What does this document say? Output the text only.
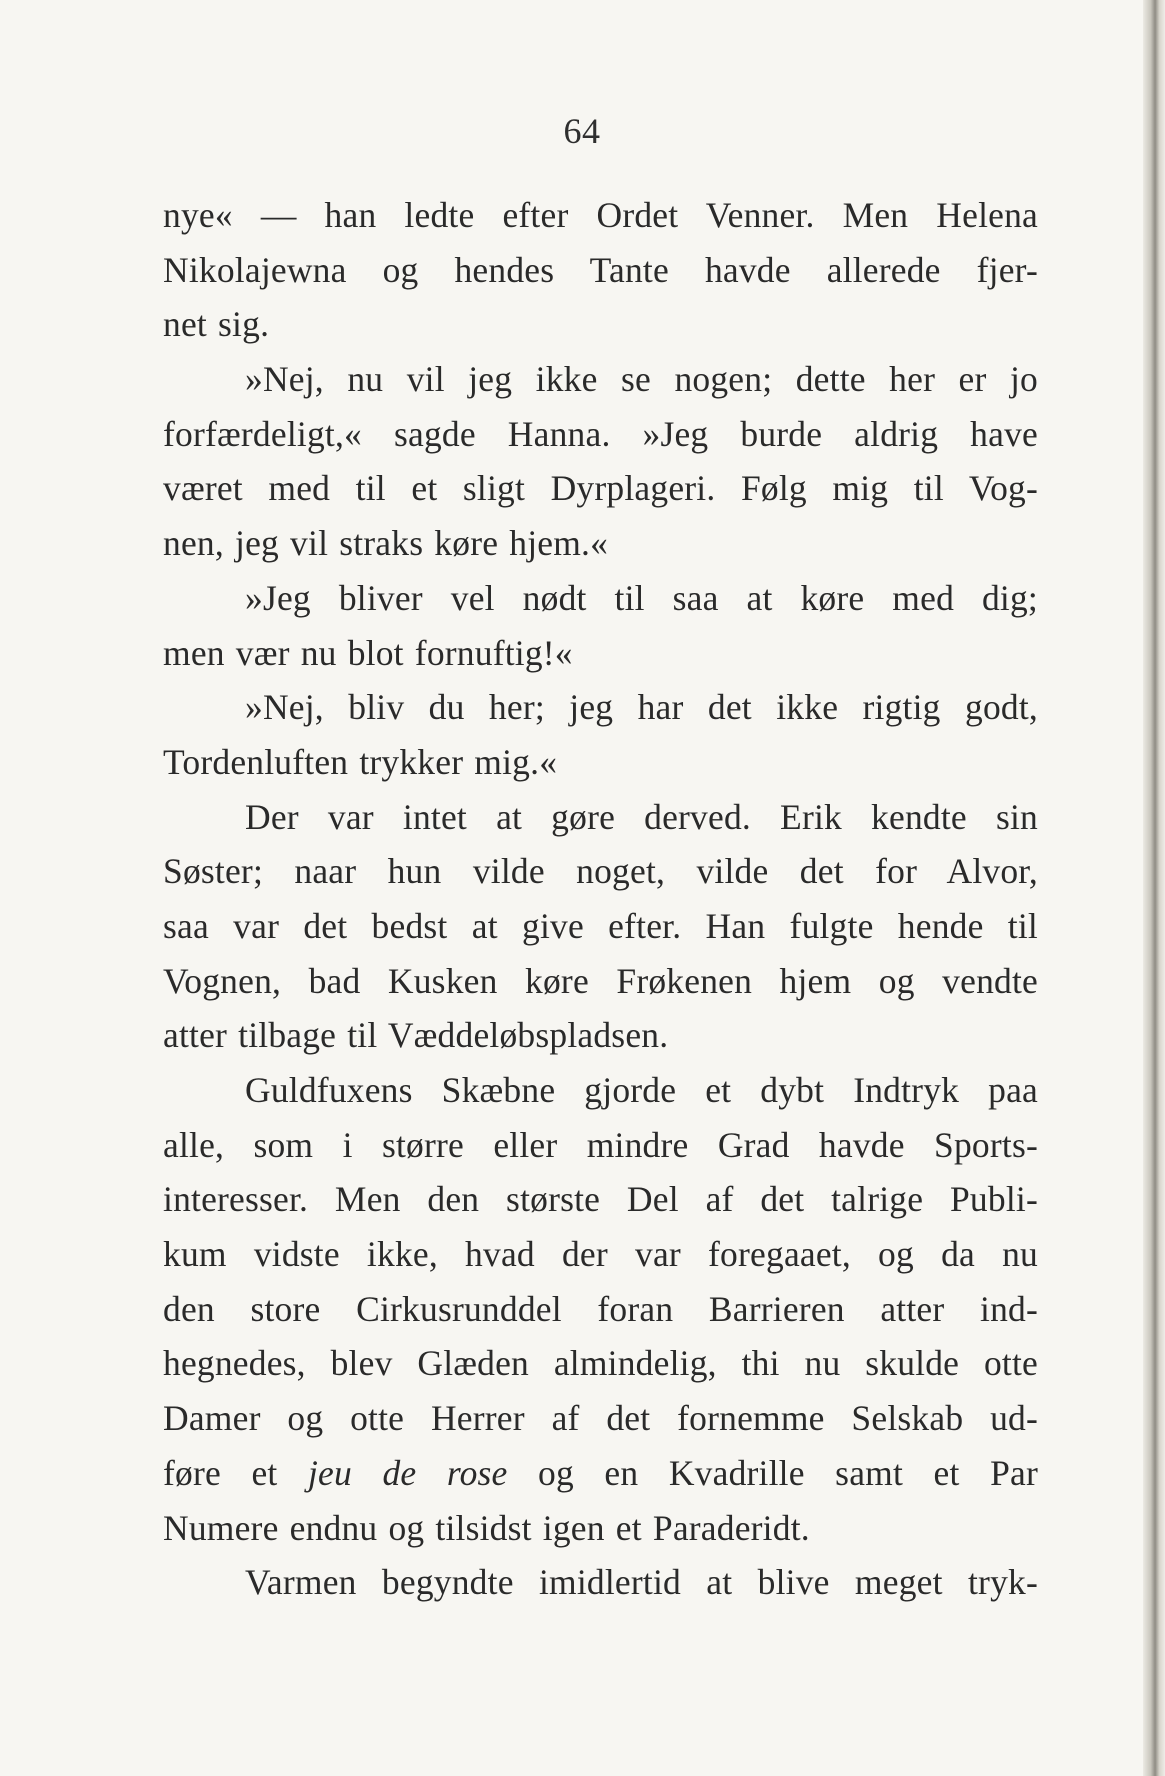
64
nye« — han ledte efter Ordet Venner. Men Helena
Nikolajewna og hendes Tante havde allerede fjer-
net sig.
»Nej, nu vil jeg ikke se nogen; dette her er jo
forfærdeligt,« sagde Hanna. »Jeg burde aldrig have
været med til et sligt Dyrplageri. Følg mig til Vog-
nen, jeg vil straks køre hjem.«
»Jeg bliver vel nødt til saa at køre med dig;
men vær nu blot fornuftig!«
»Nej, bliv du her; jeg har det ikke rigtig godt,
Tordenluften trykker mig.«
Der var intet at gøre derved. Erik kendte sin
Søster; naar hun vilde noget, vilde det for Alvor,
saa var det bedst at give efter. Han fulgte hende til
Vognen, bad Kusken køre Frøkenen hjem og vendte
atter tilbage til Væddeløbspladsen.
Guldfuxens Skæbne gjorde et dybt Indtryk paa
alle, som i større eller mindre Grad havde Sports-
interesser. Men den største Del af det talrige Publi-
kum vidste ikke, hvad der var foregaaet, og da nu
den store Cirkusrunddel foran Barrieren atter ind-
hegnedes, blev Glæden almindelig, thi nu skulde otte
Damer og otte Herrer af det fornemme Selskab ud-
føre et jeu de rose og en Kvadrille samt et Par
Numere endnu og tilsidst igen et Paraderidt.
Varmen begyndte imidlertid at blive meget tryk-
